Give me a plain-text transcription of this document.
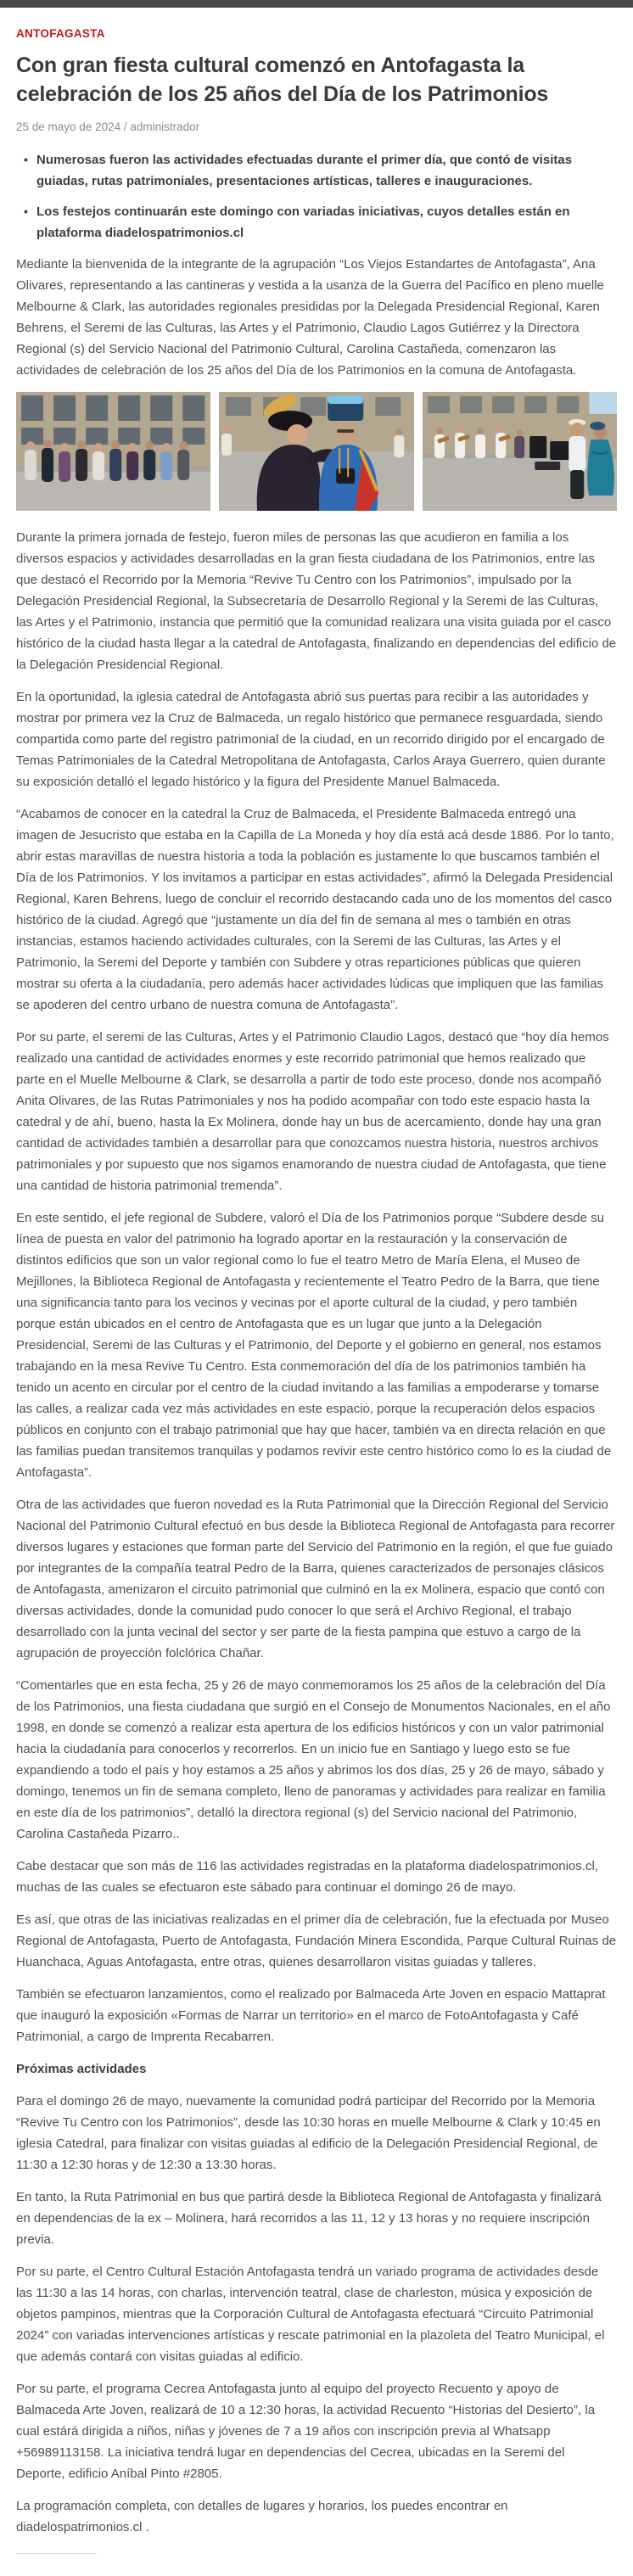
ANTOFAGASTA
Con gran fiesta cultural comenzó en Antofagasta la celebración de los 25 años del Día de los Patrimonios
25 de mayo de 2024 / administrador
• Numerosas fueron las actividades efectuadas durante el primer día, que contó de visitas guiadas, rutas patrimoniales, presentaciones artísticas, talleres e inauguraciones.
• Los festejos continuarán este domingo con variadas iniciativas, cuyos detalles están en plataforma diadelospatrimonios.cl

Mediante la bienvenida de la integrante de la agrupación “Los Viejos Estandartes de Antofagasta”, Ana Olivares, representando a las cantineras y vestida a la usanza de la Guerra del Pacífico en pleno muelle Melbourne & Clark, las autoridades regionales presididas por la Delegada Presidencial Regional, Karen Behrens, el Seremi de las Culturas, las Artes y el Patrimonio, Claudio Lagos Gutiérrez y la Directora Regional (s) del Servicio Nacional del Patrimonio Cultural, Carolina Castañeda, comenzaron las actividades de celebración de los 25 años del Día de los Patrimonios en la comuna de Antofagasta.

Durante la primera jornada de festejo, fueron miles de personas las que acudieron en familia a los diversos espacios y actividades desarrolladas en la gran fiesta ciudadana de los Patrimonios, entre las que destacó el Recorrido por la Memoria “Revive Tu Centro con los Patrimonios”, impulsado por la Delegación Presidencial Regional, la Subsecretaría de Desarrollo Regional y la Seremi de las Culturas, las Artes y el Patrimonio, instancia que permitió que la comunidad realizara una visita guiada por el casco histórico de la ciudad hasta llegar a la catedral de Antofagasta, finalizando en dependencias del edificio de la Delegación Presidencial Regional.

En la oportunidad, la iglesia catedral de Antofagasta abrió sus puertas para recibir a las autoridades y mostrar por primera vez la Cruz de Balmaceda, un regalo histórico que permanece resguardada, siendo compartida como parte del registro patrimonial de la ciudad, en un recorrido dirigido por el encargado de Temas Patrimoniales de la Catedral Metropolitana de Antofagasta, Carlos Araya Guerrero, quien durante su exposición detalló el legado histórico y la figura del Presidente Manuel Balmaceda.

“Acabamos de conocer en la catedral la Cruz de Balmaceda, el Presidente Balmaceda entregó una imagen de Jesucristo que estaba en la Capilla de La Moneda y hoy día está acá desde 1886. Por lo tanto, abrir estas maravillas de nuestra historia a toda la población es justamente lo que buscamos también el Día de los Patrimonios. Y los invitamos a participar en estas actividades”, afirmó la Delegada Presidencial Regional, Karen Behrens, luego de concluir el recorrido destacando cada uno de los momentos del casco histórico de la ciudad. Agregó que “justamente un día del fin de semana al mes o también en otras instancias, estamos haciendo actividades culturales, con la Seremi de las Culturas, las Artes y el Patrimonio, la Seremi del Deporte y también con Subdere y otras reparticiones públicas que quieren mostrar su oferta a la ciudadanía, pero además hacer actividades lúdicas que impliquen que las familias se apoderen del centro urbano de nuestra comuna de Antofagasta”.

Por su parte, el seremi de las Culturas, Artes y el Patrimonio Claudio Lagos, destacó que “hoy día hemos realizado una cantidad de actividades enormes y este recorrido patrimonial que hemos realizado que parte en el Muelle Melbourne & Clark, se desarrolla a partir de todo este proceso, donde nos acompañó Anita Olivares, de las Rutas Patrimoniales y nos ha podido acompañar con todo este espacio hasta la catedral y de ahí, bueno, hasta la Ex Molinera, donde hay un bus de acercamiento, donde hay una gran cantidad de actividades también a desarrollar para que conozcamos nuestra historia, nuestros archivos patrimoniales y por supuesto que nos sigamos enamorando de nuestra ciudad de Antofagasta, que tiene una cantidad de historia patrimonial tremenda”.

En este sentido, el jefe regional de Subdere, valoró el Día de los Patrimonios porque “Subdere desde su línea de puesta en valor del patrimonio ha logrado aportar en la restauración y la conservación de distintos edificios que son un valor regional como lo fue el teatro Metro de María Elena, el Museo de Mejillones, la Biblioteca Regional de Antofagasta y recientemente el Teatro Pedro de la Barra, que tiene una significancia tanto para los vecinos y vecinas por el aporte cultural de la ciudad, y pero también porque están ubicados en el centro de Antofagasta que es un lugar que junto a la Delegación Presidencial, Seremi de las Culturas y el Patrimonio, del Deporte y el gobierno en general, nos estamos trabajando en la mesa Revive Tu Centro. Esta conmemoración del día de los patrimonios también ha tenido un acento en circular por el centro de la ciudad invitando a las familias a empoderarse y tomarse las calles, a realizar cada vez más actividades en este espacio, porque la recuperación delos espacios públicos en conjunto con el trabajo patrimonial que hay que hacer, también va en directa relación en que las familias puedan transitemos tranquilas y podamos revivir este centro histórico como lo es la ciudad de Antofagasta”.

Otra de las actividades que fueron novedad es la Ruta Patrimonial que la Dirección Regional del Servicio Nacional del Patrimonio Cultural efectuó en bus desde la Biblioteca Regional de Antofagasta para recorrer diversos lugares y estaciones que forman parte del Servicio del Patrimonio en la región, el que fue guiado por integrantes de la compañía teatral Pedro de la Barra, quienes caracterizados de personajes clásicos de Antofagasta, amenizaron el circuito patrimonial que culminó en la ex Molinera, espacio que contó con diversas actividades, donde la comunidad pudo conocer lo que será el Archivo Regional, el trabajo desarrollado con la junta vecinal del sector y ser parte de la fiesta pampina que estuvo a cargo de la agrupación de proyección folclórica Chañar.

“Comentarles que en esta fecha, 25 y 26 de mayo conmemoramos los 25 años de la celebración del Día de los Patrimonios, una fiesta ciudadana que surgió en el Consejo de Monumentos Nacionales, en el año 1998, en donde se comenzó a realizar esta apertura de los edificios históricos y con un valor patrimonial hacia la ciudadanía para conocerlos y recorrerlos. En un inicio fue en Santiago y luego esto se fue expandiendo a todo el país y hoy estamos a 25 años y abrimos los dos días, 25 y 26 de mayo, sábado y domingo, tenemos un fin de semana completo, lleno de panoramas y actividades para realizar en familia en este día de los patrimonios”, detalló la directora regional (s) del Servicio nacional del Patrimonio, Carolina Castañeda Pizarro..

Cabe destacar que son más de 116 las actividades registradas en la plataforma diadelospatrimonios.cl, muchas de las cuales se efectuaron este sábado para continuar el domingo 26 de mayo.

Es así, que otras de las iniciativas realizadas en el primer día de celebración, fue la efectuada por Museo Regional de Antofagasta, Puerto de Antofagasta, Fundación Minera Escondida, Parque Cultural Ruinas de Huanchaca, Aguas Antofagasta, entre otras, quienes desarrollaron visitas guiadas y talleres.

También se efectuaron lanzamientos, como el realizado por Balmaceda Arte Joven en espacio Mattaprat que inauguró la exposición «Formas de Narrar un territorio» en el marco de FotoAntofagasta y Café Patrimonial, a cargo de Imprenta Recabarren.

Próximas actividades

Para el domingo 26 de mayo, nuevamente la comunidad podrá participar del Recorrido por la Memoria “Revive Tu Centro con los Patrimonios”, desde las 10:30 horas en muelle Melbourne & Clark y 10:45 en iglesia Catedral, para finalizar con visitas guiadas al edificio de la Delegación Presidencial Regional, de 11:30 a 12:30 horas y de 12:30 a 13:30 horas.

En tanto, la Ruta Patrimonial en bus que partirá desde la Biblioteca Regional de Antofagasta y finalizará en dependencias de la ex – Molinera, hará recorridos a las 11, 12 y 13 horas y no requiere inscripción previa.

Por su parte, el Centro Cultural Estación Antofagasta tendrá un variado programa de actividades desde las 11:30 a las 14 horas, con charlas, intervención teatral, clase de charleston, música y exposición de objetos pampinos, mientras que la Corporación Cultural de Antofagasta efectuará “Circuito Patrimonial 2024” con variadas intervenciones artísticas y rescate patrimonial en la plazoleta del Teatro Municipal, el que además contará con visitas guiadas al edificio.

Por su parte, el programa Cecrea Antofagasta junto al equipo del proyecto Recuento y apoyo de Balmaceda Arte Joven, realizará de 10 a 12:30 horas, la actividad Recuento “Historias del Desierto”, la cual estárá dirigida a niños, niñas y jóvenes de 7 a 19 años con inscripción previa al Whatsapp +56989113158. La iniciativa tendrá lugar en dependencias del Cecrea, ubicadas en la Seremi del Deporte, edificio Aníbal Pinto #2805.

La programación completa, con detalles de lugares y horarios, los puedes encontrar en diadelospatrimonios.cl .
